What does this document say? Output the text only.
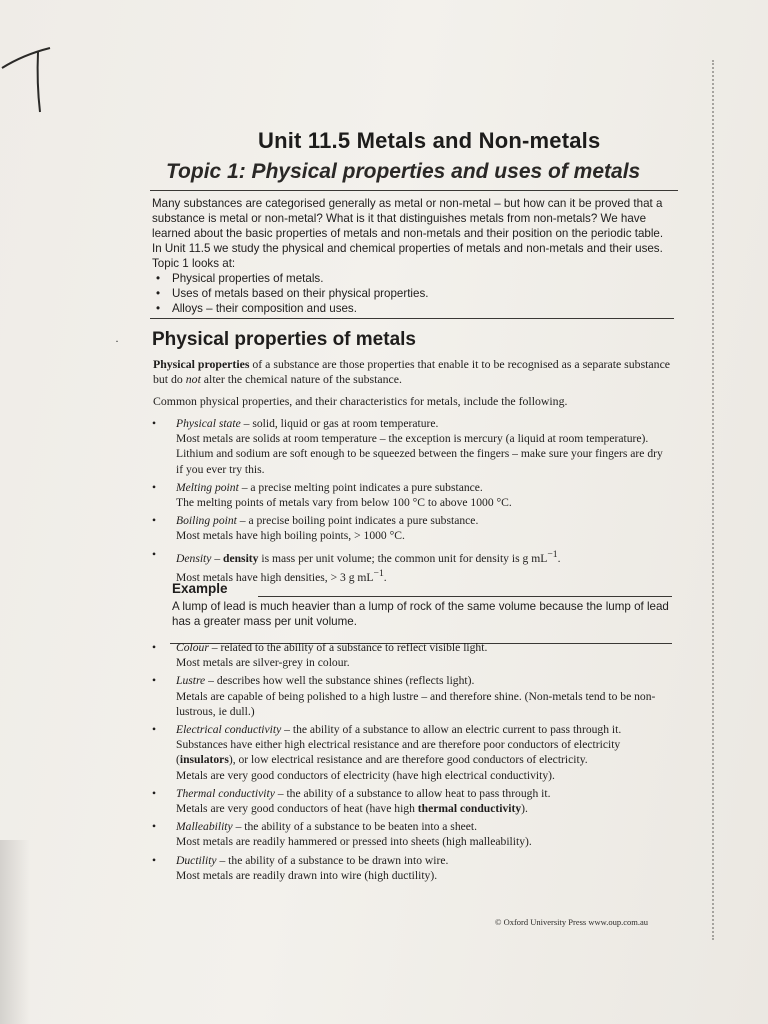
·
Unit 11.5 Metals and Non-metals
Topic 1: Physical properties and uses of metals

Many substances are categorised generally as metal or non-metal – but how can it be proved that a substance is metal or non-metal? What is it that distinguishes metals from non-metals? We have learned about the basic properties of metals and non-metals and their position on the periodic table. In Unit 11.5 we study the physical and chemical properties of metals and non-metals and their uses. Topic 1 looks at:

• Physical properties of metals.
• Uses of metals based on their physical properties.
• Alloys – their composition and uses.
Physical properties of metals

Physical properties of a substance are those properties that enable it to be recognised as a separate substance but do not alter the chemical nature of the substance.

Common physical properties, and their characteristics for metals, include the following.

• Physical state – solid, liquid or gas at room temperature.
Most metals are solids at room temperature – the exception is mercury (a liquid at room temperature). Lithium and sodium are soft enough to be squeezed between the fingers – make sure your fingers are dry if you ever try this.
• Melting point – a precise melting point indicates a pure substance.
The melting points of metals vary from below 100 °C to above 1000 °C.
• Boiling point – a precise boiling point indicates a pure substance.
Most metals have high boiling points, > 1000 °C.
• Density – density is mass per unit volume; the common unit for density is g $mL^{-1}$.
Most metals have high densities, > 3 g $mL^{-1}$.
Example

A lump of lead is much heavier than a lump of rock of the same volume because the lump of lead has a greater mass per unit volume.

• Colour – related to the ability of a substance to reflect visible light.
Most metals are silver-grey in colour.
• Lustre – describes how well the substance shines (reflects light).
Metals are capable of being polished to a high lustre – and therefore shine. (Non-metals tend to be non-lustrous, ie dull.)
• Electrical conductivity – the ability of a substance to allow an electric current to pass through it. Substances have either high electrical resistance and are therefore poor conductors of electricity (insulators), or low electrical resistance and are therefore good conductors of electricity.
Metals are very good conductors of electricity (have high electrical conductivity).
• Thermal conductivity – the ability of a substance to allow heat to pass through it.
Metals are very good conductors of heat (have high thermal conductivity).
• Malleability – the ability of a substance to be beaten into a sheet.
Most metals are readily hammered or pressed into sheets (high malleability).
• Ductility – the ability of a substance to be drawn into wire.
Most metals are readily drawn into wire (high ductility).
© Oxford University Press www.oup.com.au
